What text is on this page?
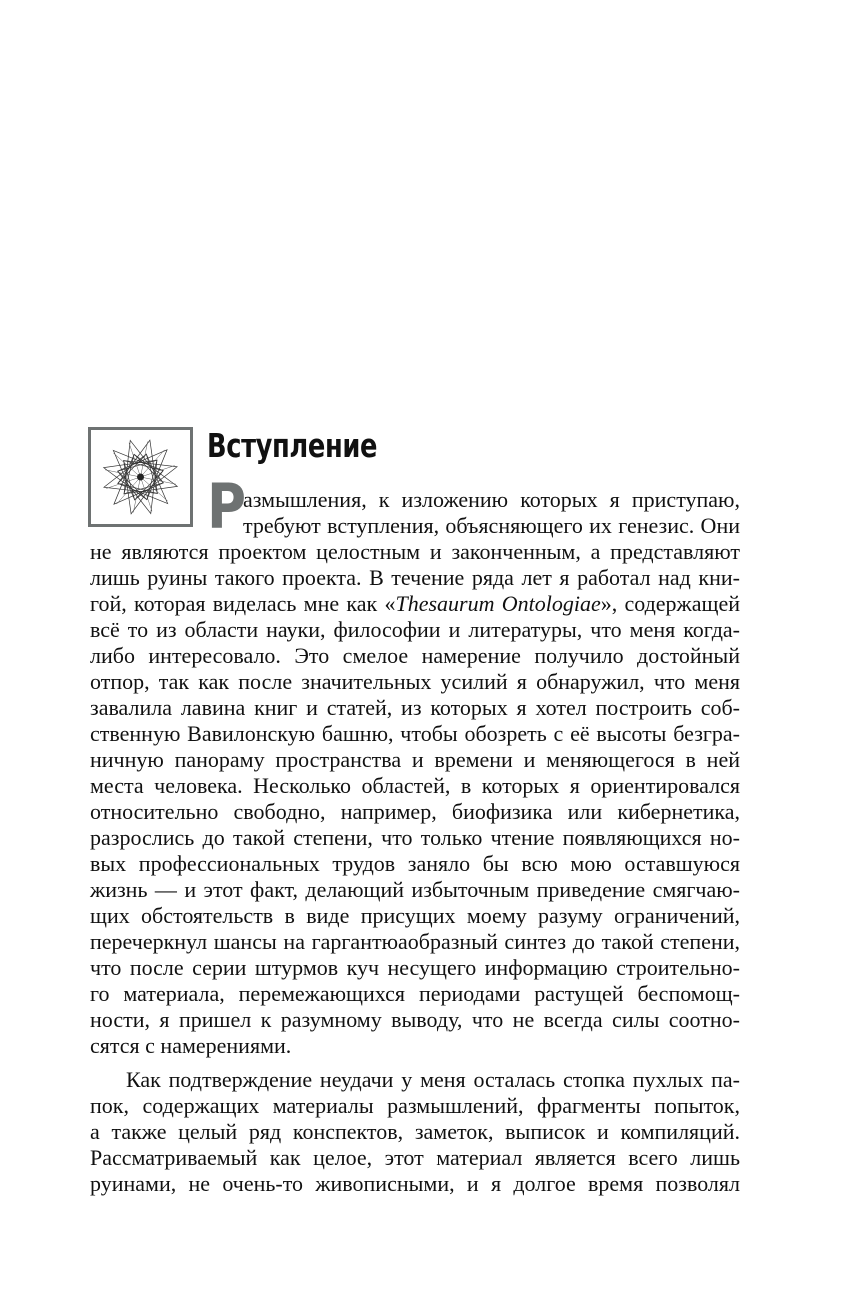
Вступление
Р
азмышления, к изложению которых я приступаю,
требуют вступления, объясняющего их генезис. Они
не являются проектом целостным и законченным, а представляют
лишь руины такого проекта. В течение ряда лет я работал над кни-
гой, которая виделась мне как «Thesaurum Ontologiae», содержащей
всё то из области науки, философии и литературы, что меня когда-
либо интересовало. Это смелое намерение получило достойный
отпор, так как после значительных усилий я обнаружил, что меня
завалила лавина книг и статей, из которых я хотел построить соб-
ственную Вавилонскую башню, чтобы обозреть с её высоты безгра-
ничную панораму пространства и времени и меняющегося в ней
места человека. Несколько областей, в которых я ориентировался
относительно свободно, например, биофизика или кибернетика,
разрослись до такой степени, что только чтение появляющихся но-
вых профессиональных трудов заняло бы всю мою оставшуюся
жизнь — и этот факт, делающий избыточным приведение смягчаю-
щих обстоятельств в виде присущих моему разуму ограничений,
перечеркнул шансы на гаргантюаобразный синтез до такой степени,
что после серии штурмов куч несущего информацию строительно-
го материала, перемежающихся периодами растущей беспомощ-
ности, я пришел к разумному выводу, что не всегда силы соотно-
сятся с намерениями.
Как подтверждение неудачи у меня осталась стопка пухлых па-
пок, содержащих материалы размышлений, фрагменты попыток,
а также целый ряд конспектов, заметок, выписок и компиляций.
Рассматриваемый как целое, этот материал является всего лишь
руинами, не очень-то живописными, и я долгое время позволял
